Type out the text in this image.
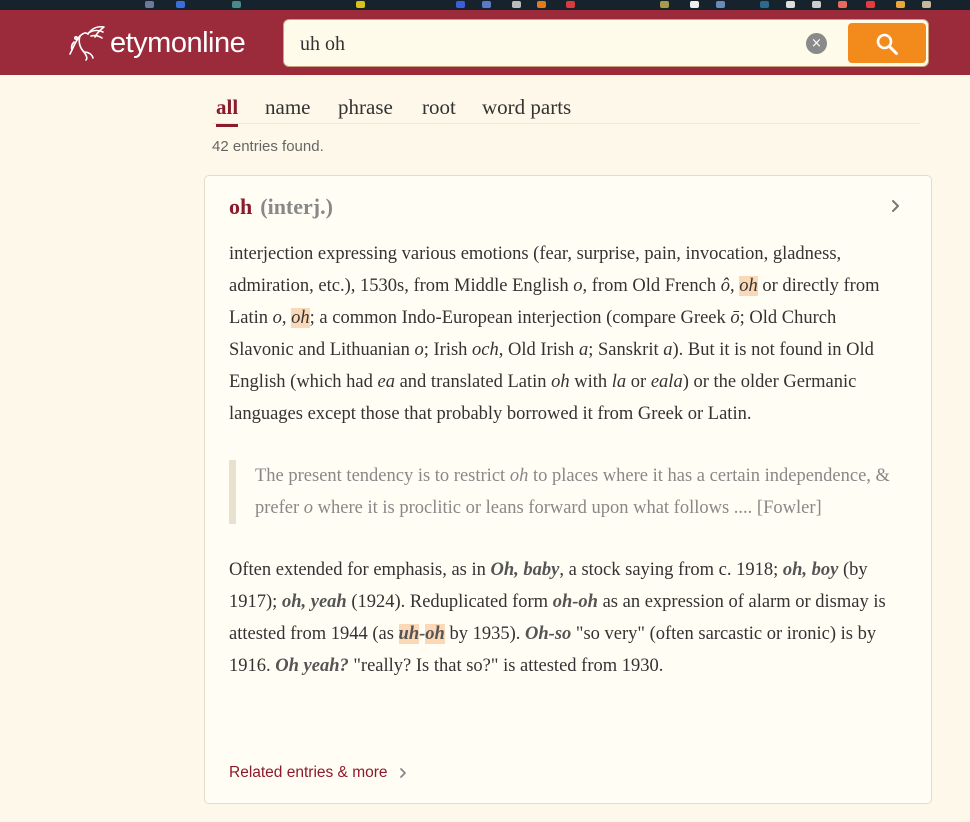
etymonline
uh oh	×
all name phrase root word parts
42 entries found.
oh (interj.)

interjection expressing various emotions (fear, surprise, pain, invocation, gladness, admiration, etc.), 1530s, from Middle English o, from Old French ô, oh or directly from Latin o, oh; a common Indo-European interjection (compare Greek ō; Old Church Slavonic and Lithuanian o; Irish och, Old Irish a; Sanskrit a). But it is not found in Old English (which had ea and translated Latin oh with la or eala) or the older Germanic languages except those that probably borrowed it from Greek or Latin.

The present tendency is to restrict oh to places where it has a certain independence, & prefer o where it is proclitic or leans forward upon what follows .... [Fowler]

Often extended for emphasis, as in Oh, baby, a stock saying from c. 1918; oh, boy (by 1917); oh, yeah (1924). Reduplicated form oh-oh as an expression of alarm or dismay is attested from 1944 (as uh-oh by 1935). Oh-so "so very" (often sarcastic or ironic) is by 1916. Oh yeah? "really? Is that so?" is attested from 1930.

Related entries & more
